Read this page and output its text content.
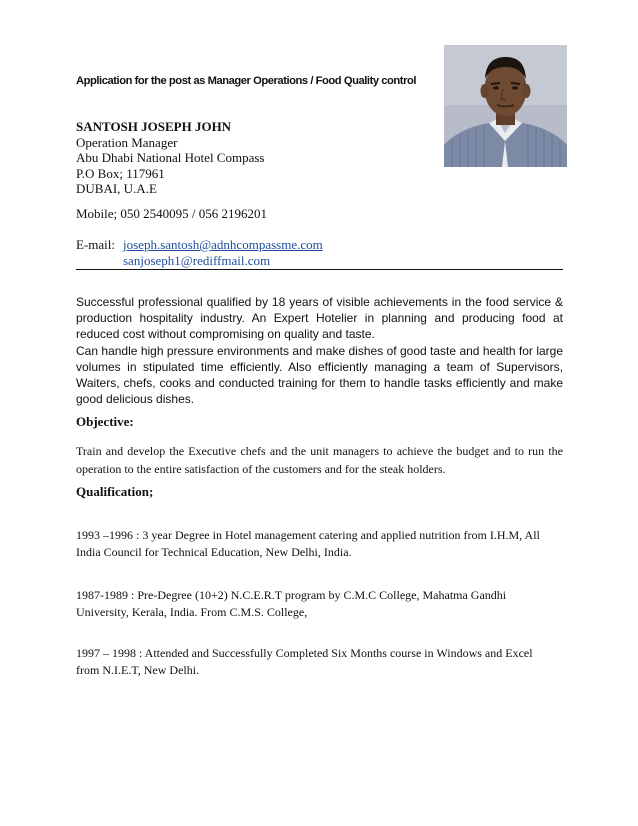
Application for the post as Manager Operations / Food Quality control
SANTOSH JOSEPH JOHN
Operation Manager
Abu Dhabi National Hotel Compass
P.O Box; 117961
DUBAI, U.A.E
Mobile; 050 2540095 / 056 2196201
E-mail: joseph.santosh@adnhcompassme.com
sanjoseph1@rediffmail.com

Successful professional qualified by 18 years of visible achievements in the food service & production hospitality industry. An Expert Hotelier in planning and producing food at reduced cost without compromising on quality and taste.

Can handle high pressure environments and make dishes of good taste and health for large volumes in stipulated time efficiently. Also efficiently managing a team of Supervisors, Waiters, chefs, cooks and conducted training for them to handle tasks efficiently and make good delicious dishes.

Objective:
Train and develop the Executive chefs and the unit managers to achieve the budget and to run the operation to the entire satisfaction of the customers and for the steak holders.
Qualification;
1993 –1996 : 3 year Degree in Hotel management catering and applied nutrition from I.H.M, All India Council for Technical Education, New Delhi, India.
1987-1989 : Pre-Degree (10+2) N.C.E.R.T program by C.M.C College, Mahatma Gandhi University, Kerala, India. From C.M.S. College,
1997 – 1998 : Attended and Successfully Completed Six Months course in Windows and Excel from N.I.E.T, New Delhi.
